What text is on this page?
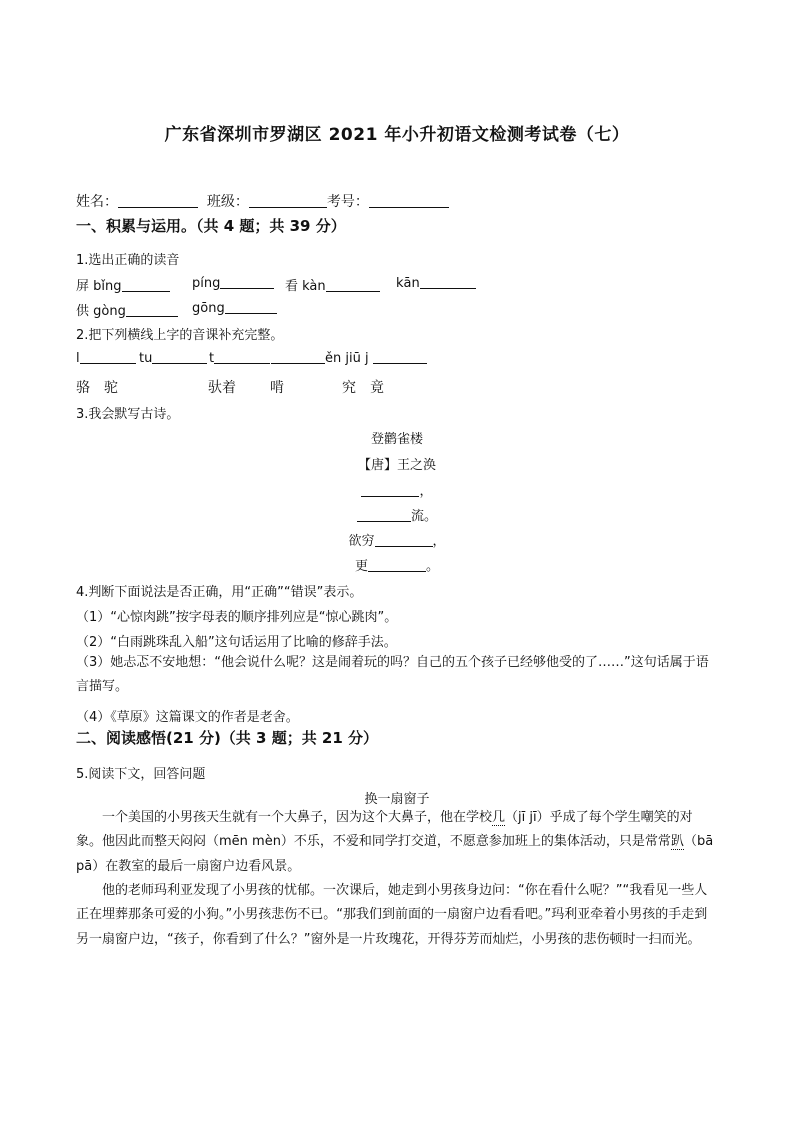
广东省深圳市罗湖区 2021 年小升初语文检测考试卷（七）
姓名：	班级：	考号：
一、积累与运用。（共 4 题；共 39 分）
1.选出正确的读音
屏 bǐng	píng	看 kàn	kān
供 gòng	gōng
2.把下列横线上字的音课补充完整。
l	tu	t	ěn jiū j
骆　驼	驮着 啃	究　竟
3.我会默写古诗。
登鹳雀楼
【唐】王之涣
，
流。
欲穷	，
更	。
4.判断下面说法是否正确，用“正确”“错误”表示。
（1）“心惊肉跳”按字母表的顺序排列应是“惊心跳肉”。
（2）“白雨跳珠乱入船”这句话运用了比喻的修辞手法。
（3）她忐忑不安地想：“他会说什么呢？这是闹着玩的吗？自己的五个孩子已经够他受的了……”这句话属于语言描写。
（4）《草原》这篇课文的作者是老舍。
二、阅读感悟(21 分)（共 3 题；共 21 分）
5.阅读下文，回答问题
换一扇窗子
一个美国的小男孩天生就有一个大鼻子，因为这个大鼻子，他在学校几（jī jī）乎成了每个学生嘲笑的对象。他因此而整天闷闷（mēn mèn）不乐，不爱和同学打交道，不愿意参加班上的集体活动，只是常常趴（bā pā）在教室的最后一扇窗户边看风景。
他的老师玛利亚发现了小男孩的忧郁。一次课后，她走到小男孩身边问：“你在看什么呢？”“我看见一些人正在埋葬那条可爱的小狗。”小男孩悲伤不已。“那我们到前面的一扇窗户边看看吧。”玛利亚牵着小男孩的手走到另一扇窗户边，“孩子，你看到了什么？”窗外是一片玫瑰花，开得芬芳而灿烂，小男孩的悲伤顿时一扫而光。
